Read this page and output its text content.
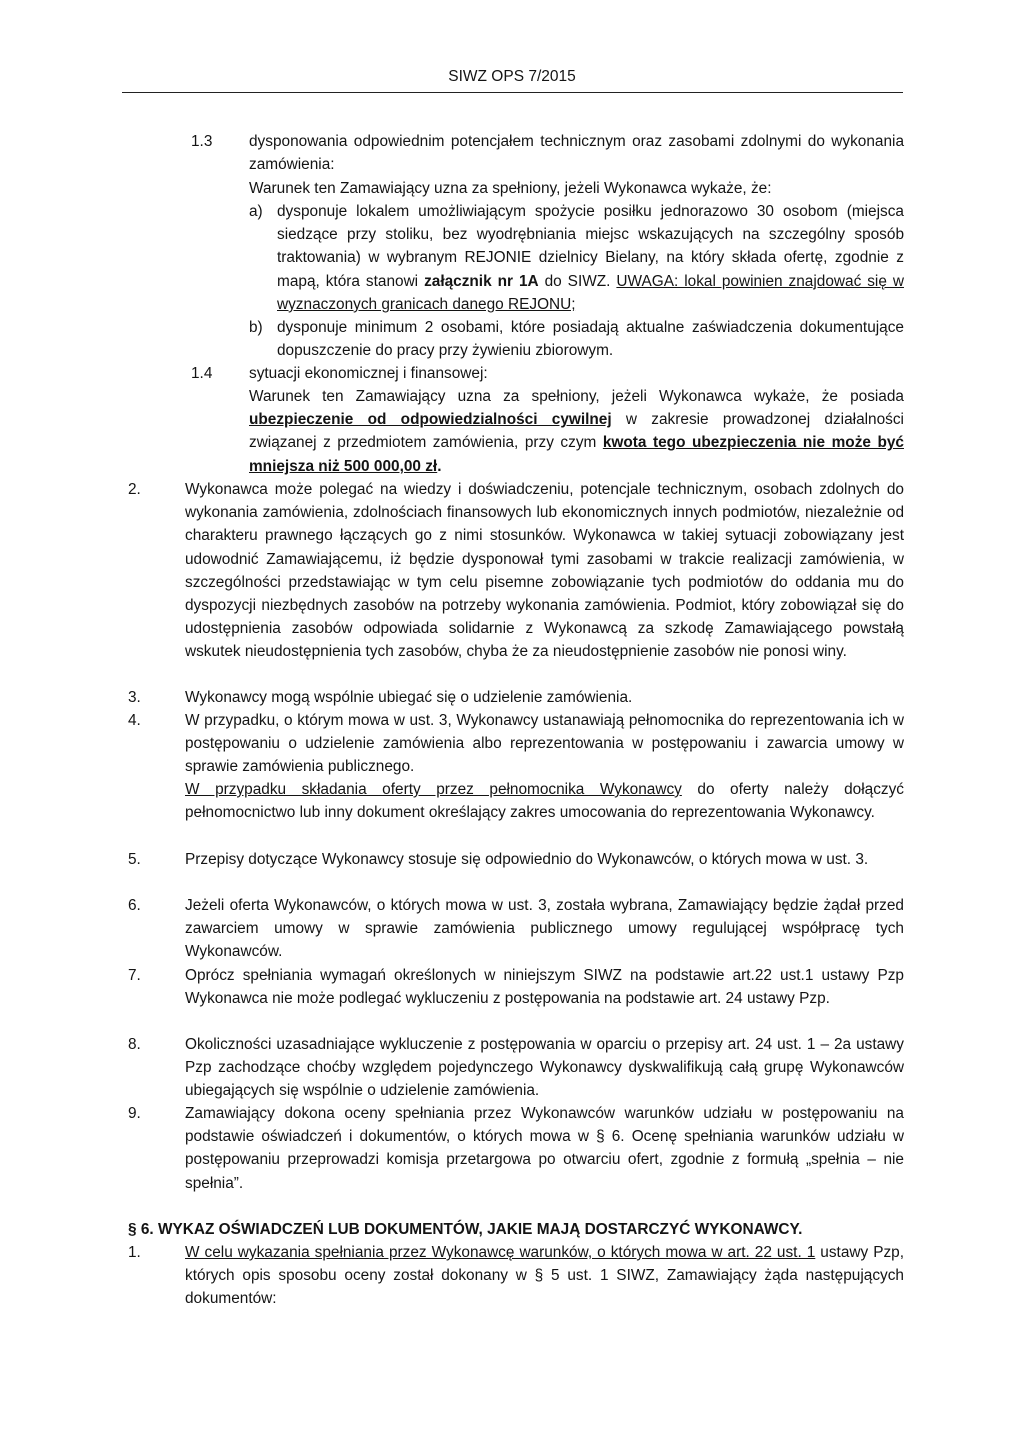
SIWZ OPS 7/2015
1.3 dysponowania odpowiednim potencjałem technicznym oraz zasobami zdolnymi do wykonania zamówienia:
Warunek ten Zamawiający uzna za spełniony, jeżeli Wykonawca wykaże, że:
a) dysponuje lokalem umożliwiającym spożycie posiłku jednorazowo 30 osobom (miejsca siedzące przy stoliku, bez wyodrębniania miejsc wskazujących na szczególny sposób traktowania) w wybranym REJONIE dzielnicy Bielany, na który składa ofertę, zgodnie z mapą, która stanowi załącznik nr 1A do SIWZ. UWAGA: lokal powinien znajdować się w wyznaczonych granicach danego REJONU;
b) dysponuje minimum 2 osobami, które posiadają aktualne zaświadczenia dokumentujące dopuszczenie do pracy przy żywieniu zbiorowym.
1.4 sytuacji ekonomicznej i finansowej:
Warunek ten Zamawiający uzna za spełniony, jeżeli Wykonawca wykaże, że posiada ubezpieczenie od odpowiedzialności cywilnej w zakresie prowadzonej działalności związanej z przedmiotem zamówienia, przy czym kwota tego ubezpieczenia nie może być mniejsza niż 500 000,00 zł.
2.	Wykonawca może polegać na wiedzy i doświadczeniu, potencjale technicznym, osobach zdolnych do wykonania zamówienia, zdolnościach finansowych lub ekonomicznych innych podmiotów, niezależnie od charakteru prawnego łączących go z nimi stosunków. Wykonawca w takiej sytuacji zobowiązany jest udowodnić Zamawiającemu, iż będzie dysponował tymi zasobami w trakcie realizacji zamówienia, w szczególności przedstawiając w tym celu pisemne zobowiązanie tych podmiotów do oddania mu do dyspozycji niezbędnych zasobów na potrzeby wykonania zamówienia. Podmiot, który zobowiązał się do udostępnienia zasobów odpowiada solidarnie z Wykonawcą za szkodę Zamawiającego powstałą wskutek nieudostępnienia tych zasobów, chyba że za nieudostępnienie zasobów nie ponosi winy.
3.	Wykonawcy mogą wspólnie ubiegać się o udzielenie zamówienia.
4.	W przypadku, o którym mowa w ust. 3, Wykonawcy ustanawiają pełnomocnika do reprezentowania ich w postępowaniu o udzielenie zamówienia albo reprezentowania w postępowaniu i zawarcia umowy w sprawie zamówienia publicznego.
W przypadku składania oferty przez pełnomocnika Wykonawcy do oferty należy dołączyć pełnomocnictwo lub inny dokument określający zakres umocowania do reprezentowania Wykonawcy.
5.	Przepisy dotyczące Wykonawcy stosuje się odpowiednio do Wykonawców, o których mowa w ust. 3.
6.	Jeżeli oferta Wykonawców, o których mowa w ust. 3, została wybrana, Zamawiający będzie żądał przed zawarciem umowy w sprawie zamówienia publicznego umowy regulującej współpracę tych Wykonawców.
7.	Oprócz spełniania wymagań określonych w niniejszym SIWZ na podstawie art.22 ust.1 ustawy Pzp Wykonawca nie może podlegać wykluczeniu z postępowania na podstawie art. 24 ustawy Pzp.
8.	Okoliczności uzasadniające wykluczenie z postępowania w oparciu o przepisy art. 24 ust. 1 – 2a ustawy Pzp zachodzące choćby względem pojedynczego Wykonawcy dyskwalifikują całą grupę Wykonawców ubiegających się wspólnie o udzielenie zamówienia.
9.	Zamawiający dokona oceny spełniania przez Wykonawców warunków udziału w postępowaniu na podstawie oświadczeń i dokumentów, o których mowa w § 6. Ocenę spełniania warunków udziału w postępowaniu przeprowadzi komisja przetargowa po otwarciu ofert, zgodnie z formułą „spełnia – nie spełnia”.
§ 6. WYKAZ OŚWIADCZEŃ LUB DOKUMENTÓW, JAKIE MAJĄ DOSTARCZYĆ WYKONAWCY.
1.	W celu wykazania spełniania przez Wykonawcę warunków, o których mowa w art. 22 ust. 1 ustawy Pzp, których opis sposobu oceny został dokonany w § 5 ust. 1 SIWZ, Zamawiający żąda następujących dokumentów:
